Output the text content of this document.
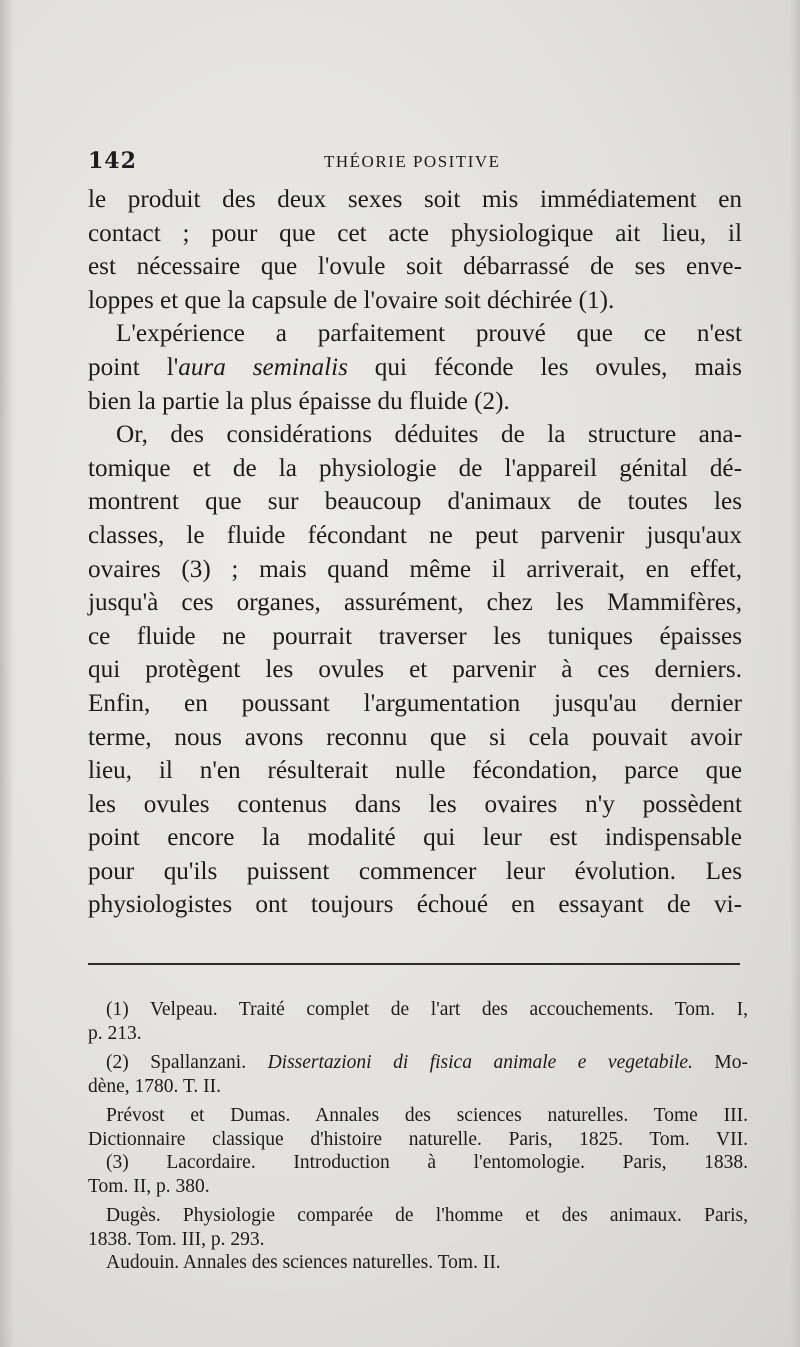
142	THÉORIE POSITIVE
le produit des deux sexes soit mis immédiatement en
contact ; pour que cet acte physiologique ait lieu, il
est nécessaire que l'ovule soit débarrassé de ses enve-
loppes et que la capsule de l'ovaire soit déchirée (1).
L'expérience a parfaitement prouvé que ce n'est
point l'aura seminalis qui féconde les ovules, mais
bien la partie la plus épaisse du fluide (2).
Or, des considérations déduites de la structure ana-
tomique et de la physiologie de l'appareil génital dé-
montrent que sur beaucoup d'animaux de toutes les
classes, le fluide fécondant ne peut parvenir jusqu'aux
ovaires (3) ; mais quand même il arriverait, en effet,
jusqu'à ces organes, assurément, chez les Mammifères,
ce fluide ne pourrait traverser les tuniques épaisses
qui protègent les ovules et parvenir à ces derniers.
Enfin, en poussant l'argumentation jusqu'au dernier
terme, nous avons reconnu que si cela pouvait avoir
lieu, il n'en résulterait nulle fécondation, parce que
les ovules contenus dans les ovaires n'y possèdent
point encore la modalité qui leur est indispensable
pour qu'ils puissent commencer leur évolution. Les
physiologistes ont toujours échoué en essayant de vi-
(1) Velpeau. Traité complet de l'art des accouchements. Tom. I,
p. 213.
(2) Spallanzani. Dissertazioni di fisica animale e vegetabile. Mo-
dène, 1780. T. II.
Prévost et Dumas. Annales des sciences naturelles. Tome III.
Dictionnaire classique d'histoire naturelle. Paris, 1825. Tom. VII.
(3) Lacordaire. Introduction à l'entomologie. Paris, 1838.
Tom. II, p. 380.
Dugès. Physiologie comparée de l'homme et des animaux. Paris,
1838. Tom. III, p. 293.
Audouin. Annales des sciences naturelles. Tom. II.
